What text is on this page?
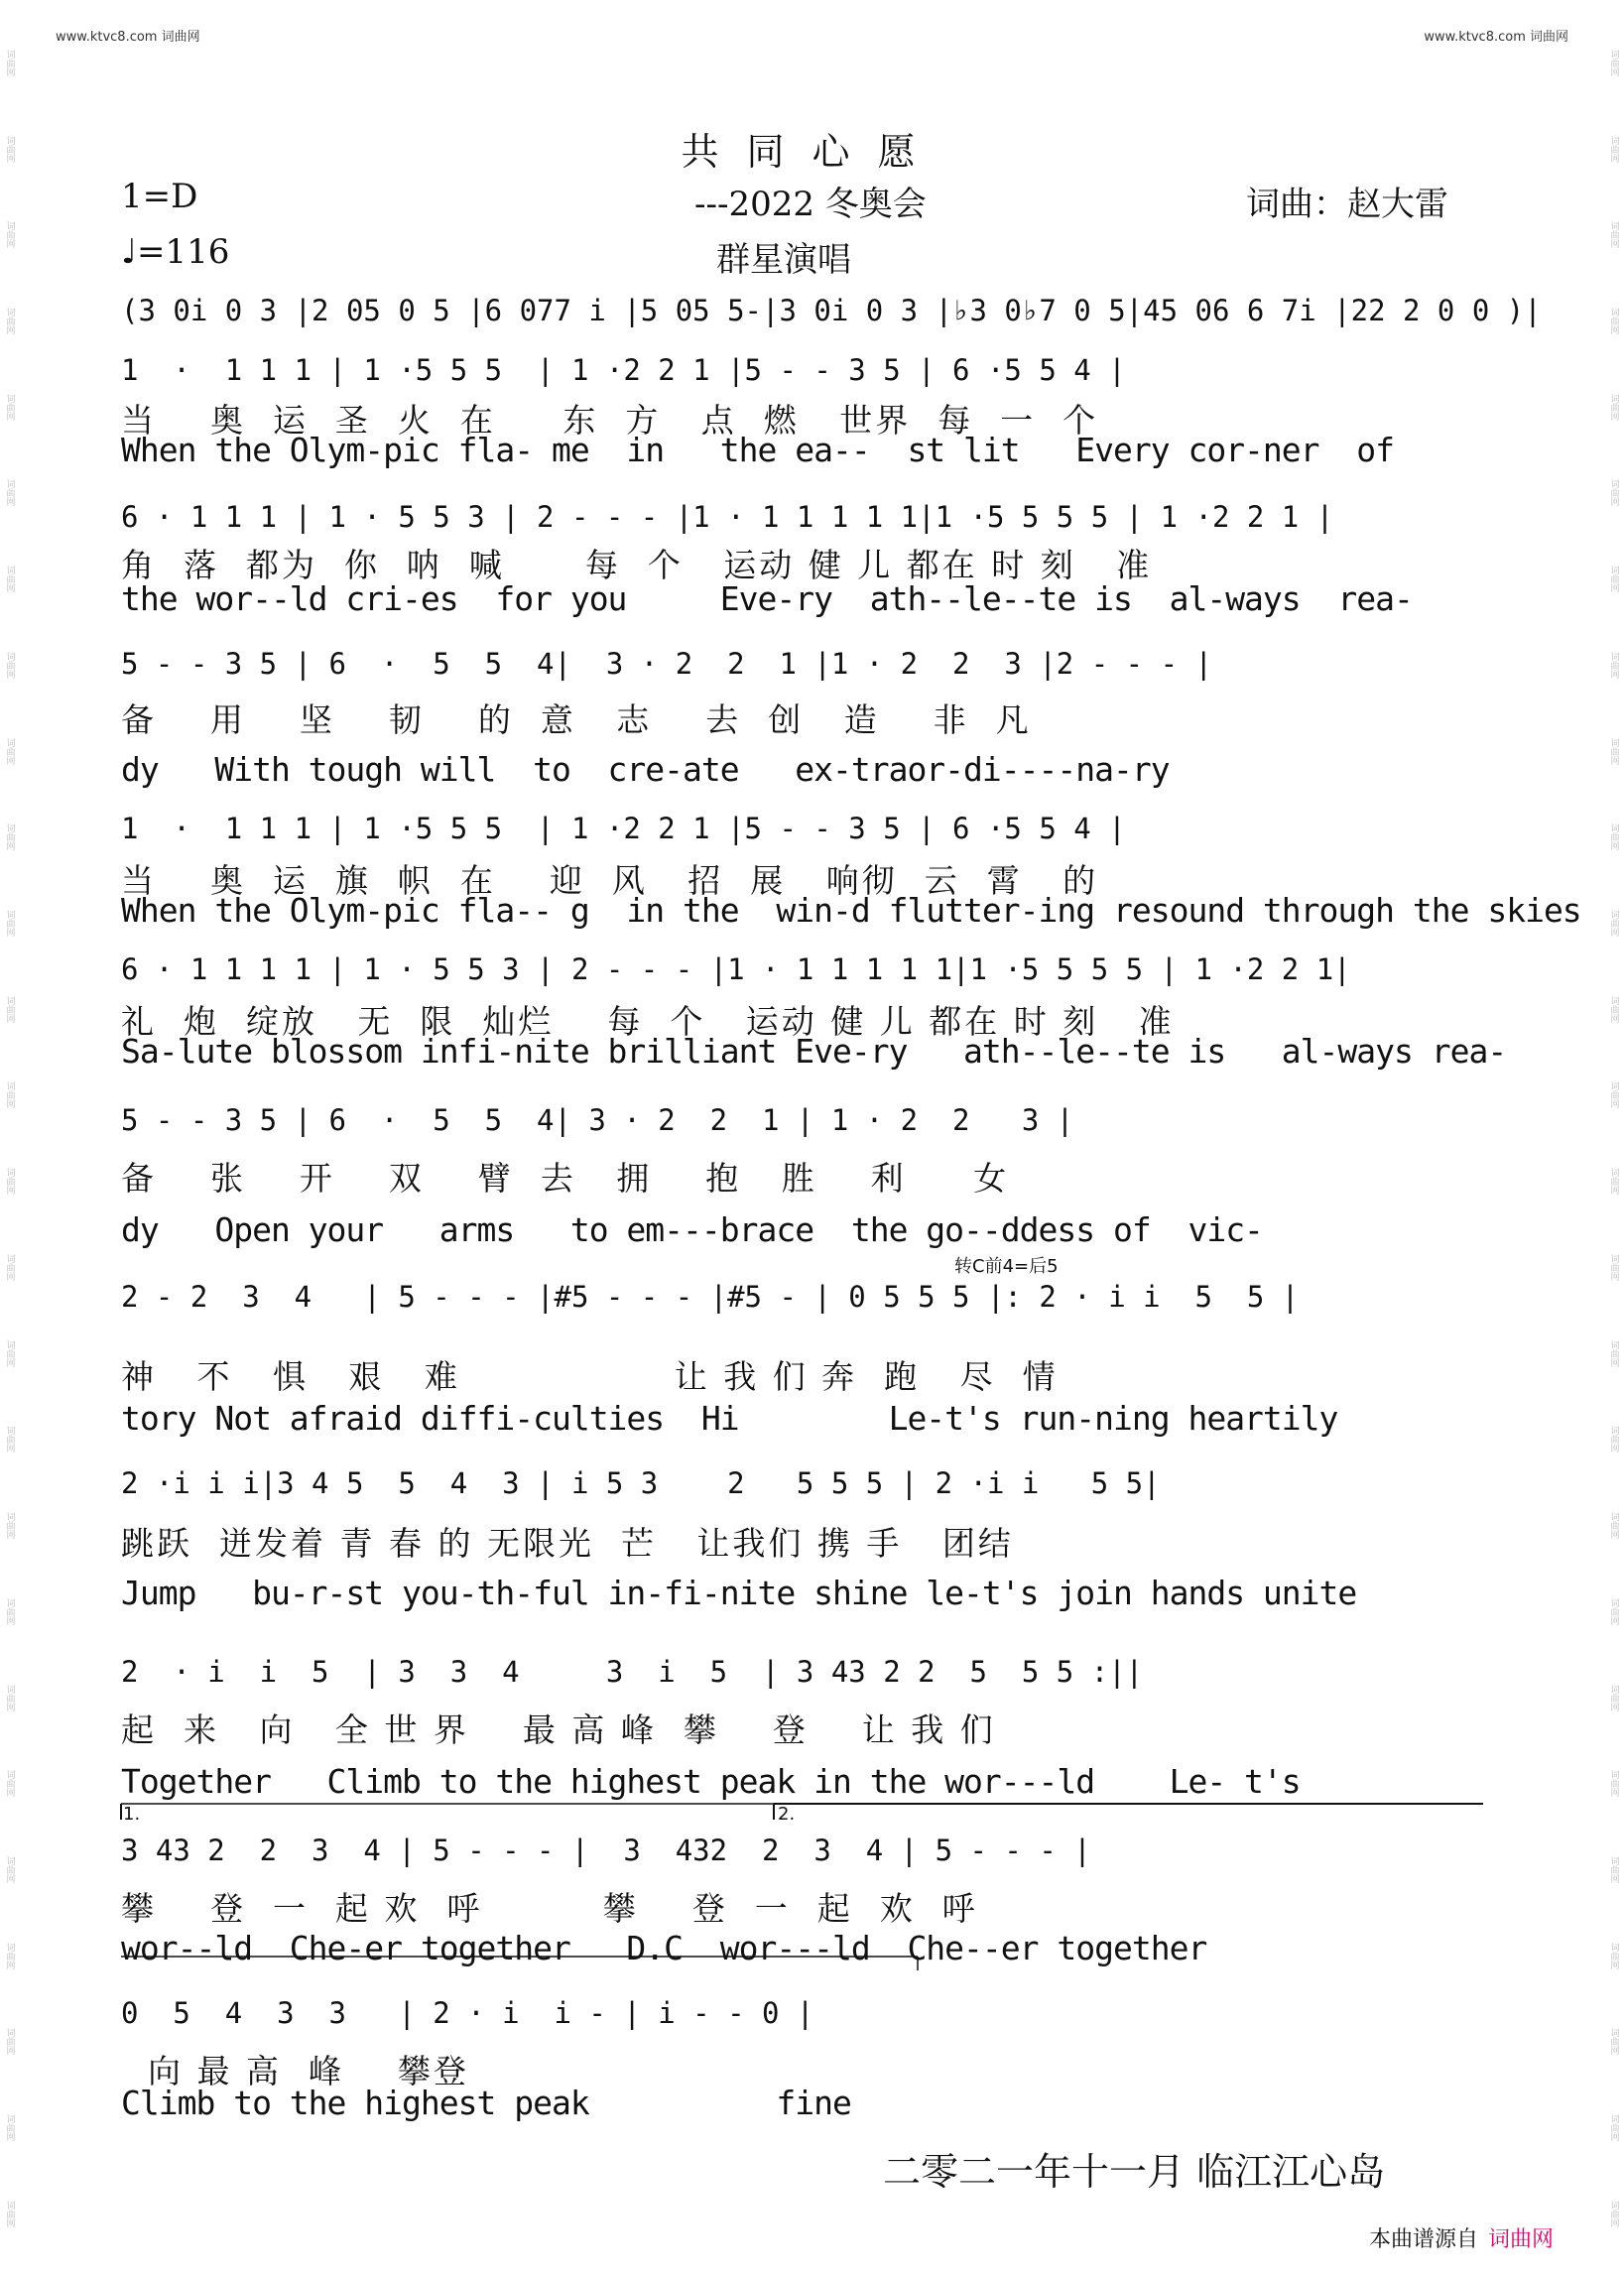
词曲网
词曲网
词曲网
词曲网
词曲网
词曲网
词曲网
词曲网
词曲网
词曲网
词曲网
词曲网
词曲网
词曲网
词曲网
词曲网
词曲网
词曲网
词曲网
词曲网
词曲网
词曲网
词曲网
词曲网
词曲网
词曲网
词曲网
词曲网
词曲网
词曲网
词曲网
词曲网
词曲网
词曲网
词曲网
词曲网
词曲网
词曲网
词曲网
词曲网
词曲网
词曲网
词曲网
词曲网
词曲网
词曲网
词曲网
词曲网
词曲网
词曲网
词曲网
词曲网
www.ktvc8.com 词曲网	www.ktvc8.com 词曲网
共同心愿
1=D	---2022 冬奥会	词曲：赵大雷
♩=116	群星演唱
(3 0i 0 3 |2 05 0 5 |6 077 i |5 05 5-|3 0i 0 3 |♭3 0♭7 0 5|45 06 6 7i |22 2 0 0 )|
1  ·  1 1 1 | 1 ·5 5 5  | 1 ·2 2 1 |5 - - 3 5 | 6 ·5 5 4 |
当    奥  运  圣  火  在     东  方   点  燃   世界  每  一  个
When the Olym-pic fla- me  in   the ea--  st lit   Every cor-ner  of
6 · 1 1 1 | 1 · 5 5 3 | 2 - - - |1 · 1 1 1 1 1|1 ·5 5 5 5 | 1 ·2 2 1 |
角  落  都为  你  呐  喊      每  个   运动 健 儿 都在 时 刻   准
the wor--ld cri-es  for you     Eve-ry  ath--le--te is  al-ways  rea-
5 - - 3 5 | 6  ·  5  5  4|  3 · 2  2  1 |1 · 2  2  3 |2 - - - |
备    用    坚    韧    的  意   志    去  创   造    非  凡
dy   With tough will  to  cre-ate   ex-traor-di----na-ry
1  ·  1 1 1 | 1 ·5 5 5  | 1 ·2 2 1 |5 - - 3 5 | 6 ·5 5 4 |
当    奥  运  旗  帜  在    迎  风   招  展   响彻  云  霄   的
When the Olym-pic fla-- g  in the  win-d flutter-ing resound through the skies
6 · 1 1 1 1 | 1 · 5 5 3 | 2 - - - |1 · 1 1 1 1 1|1 ·5 5 5 5 | 1 ·2 2 1|
礼  炮  绽放   无  限  灿烂    每  个   运动 健 儿 都在 时 刻   准
Sa-lute blossom infi-nite brilliant Eve-ry   ath--le--te is   al-ways rea-
5 - - 3 5 | 6  ·  5  5  4| 3 · 2  2  1 | 1 · 2  2   3 |
备    张    开    双    臂  去   拥    抱   胜    利     女
dy   Open your   arms   to em---brace  the go--ddess of  vic-
转C前4=后5
2 - 2  3  4   | 5 - - - |#5 - - - |#5 - | 0 5 5 5 |: 2 · i i  5  5 |
神   不   惧   艰   难                让 我 们 奔  跑   尽  情
tory Not afraid diffi-culties  Hi        Le-t's run-ning heartily
2 ·i i i|3 4 5  5  4  3 | i 5 3    2   5 5 5 | 2 ·i i   5 5|
跳跃  迸发着 青 春 的 无限光  芒   让我们 携 手   团结
Jump   bu-r-st you-th-ful in-fi-nite shine le-t's join hands unite
2  · i  i  5  | 3  3  4     3  i  5  | 3 43 2 2  5  5 5 :||
起  来   向   全 世 界    最 高 峰  攀    登    让 我 们
Together   Climb to the highest peak in the wor---ld    Le- t's
3 43 2  2  3  4 | 5 - - - |  3  432  2  3  4 | 5 - - - |
攀    登  一  起 欢  呼         攀    登  一  起  欢  呼
wor--ld  Che-er together   D.C  wor---ld  Che--er together
0  5  4  3  3   | 2 · i  i - | i - - 0 |
向 最 高  峰    攀登
Climb to the highest peak          fine
1.	2.
二零二一年十一月 临江江心岛
本曲谱源自 词曲网
